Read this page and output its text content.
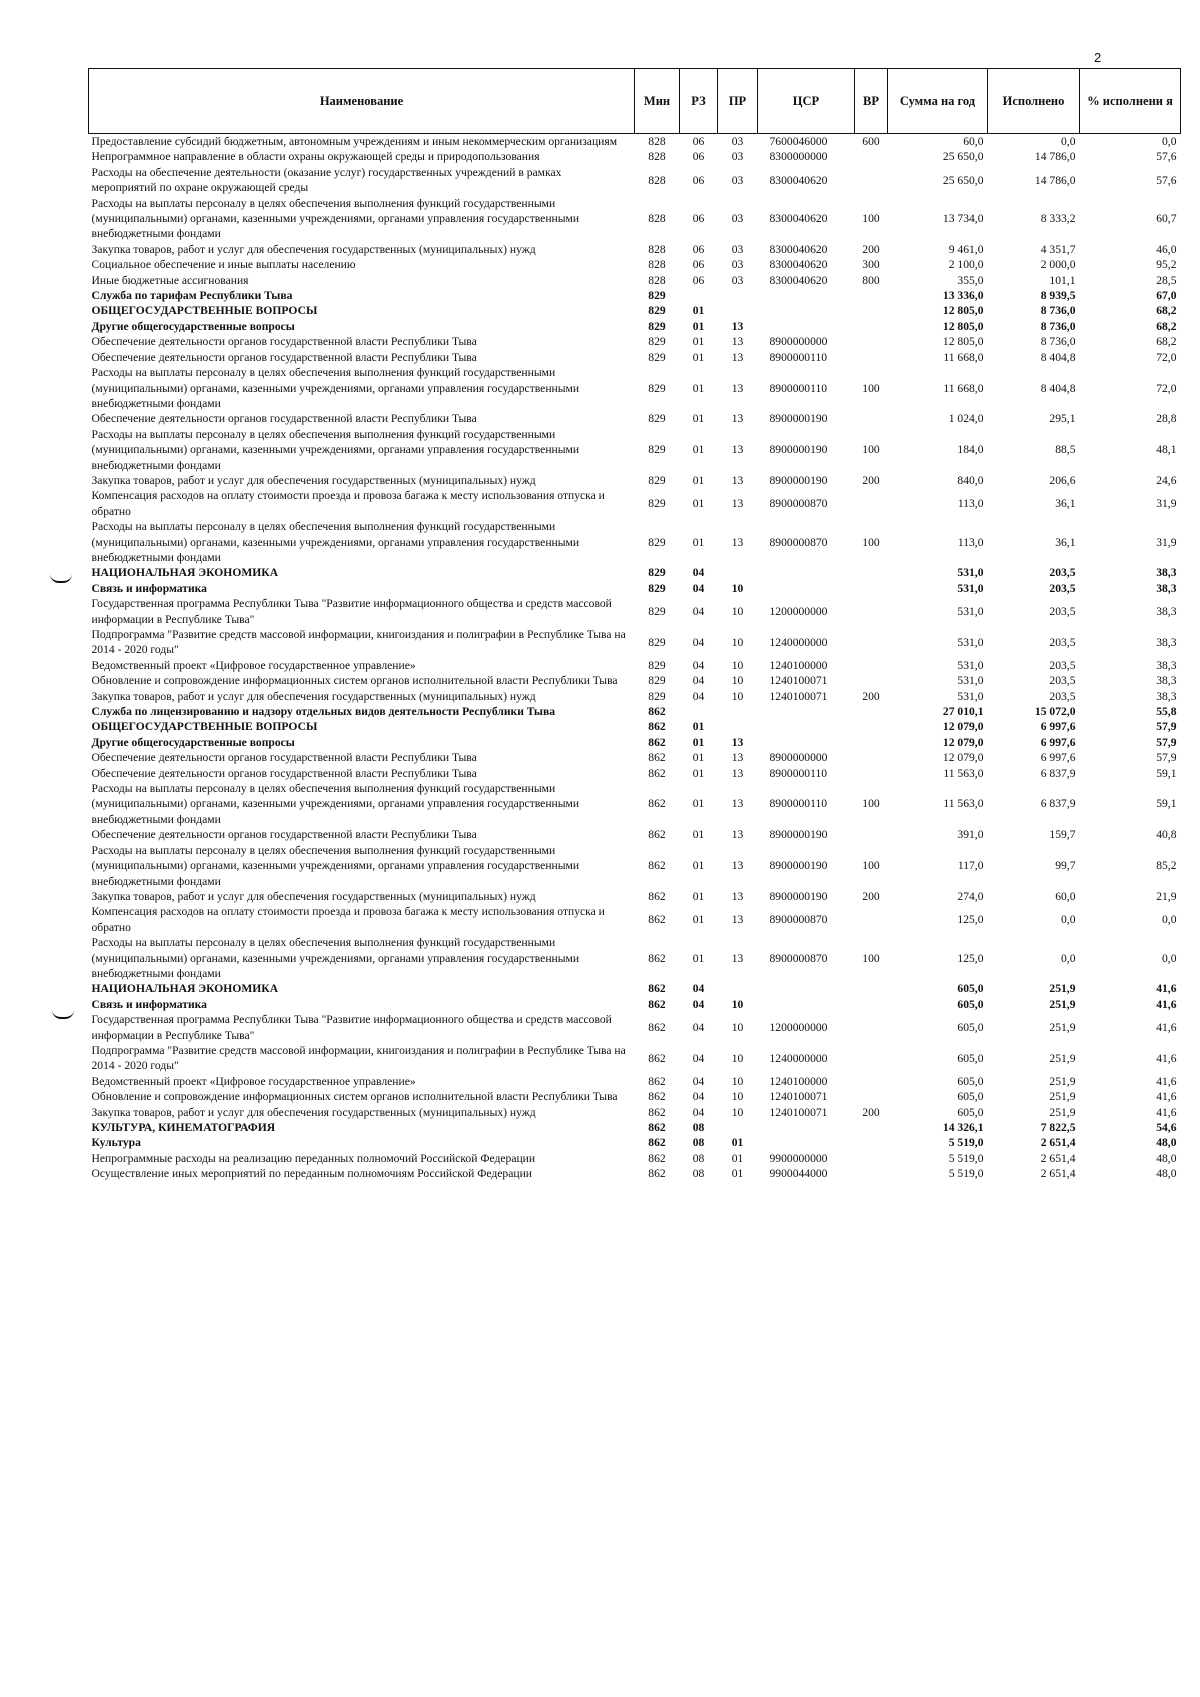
2
Наименование	Мин	РЗ	ПР	ЦСР	ВР	Сумма на год	Исполнено	% исполнени я
Предоставление субсидий бюджетным, автономным учреждениям и иным некоммерческим организациям	828	06	03	7600046000	600	60,0	0,0	0,0
Непрограммное направление в области охраны окружающей среды и природопользования	828	06	03	8300000000		25 650,0	14 786,0	57,6
Расходы на обеспечение деятельности (оказание услуг) государственных учреждений в рамках мероприятий по охране окружающей среды	828	06	03	8300040620		25 650,0	14 786,0	57,6
Расходы на выплаты персоналу в целях обеспечения выполнения функций государственными (муниципальными) органами, казенными учреждениями, органами управления государственными внебюджетными фондами	828	06	03	8300040620	100	13 734,0	8 333,2	60,7
Закупка товаров, работ и услуг для обеспечения государственных (муниципальных) нужд	828	06	03	8300040620	200	9 461,0	4 351,7	46,0
Социальное обеспечение и иные выплаты населению	828	06	03	8300040620	300	2 100,0	2 000,0	95,2
Иные бюджетные ассигнования	828	06	03	8300040620	800	355,0	101,1	28,5
Служба по тарифам Республики Тыва	829					13 336,0	8 939,5	67,0
ОБЩЕГОСУДАРСТВЕННЫЕ ВОПРОСЫ	829	01				12 805,0	8 736,0	68,2
Другие общегосударственные вопросы	829	01	13			12 805,0	8 736,0	68,2
Обеспечение деятельности органов государственной власти Республики Тыва	829	01	13	8900000000		12 805,0	8 736,0	68,2
Обеспечение деятельности органов государственной власти Республики Тыва	829	01	13	8900000110		11 668,0	8 404,8	72,0
Расходы на выплаты персоналу в целях обеспечения выполнения функций государственными (муниципальными) органами, казенными учреждениями, органами управления государственными внебюджетными фондами	829	01	13	8900000110	100	11 668,0	8 404,8	72,0
Обеспечение деятельности органов государственной власти Республики Тыва	829	01	13	8900000190		1 024,0	295,1	28,8
Расходы на выплаты персоналу в целях обеспечения выполнения функций государственными (муниципальными) органами, казенными учреждениями, органами управления государственными внебюджетными фондами	829	01	13	8900000190	100	184,0	88,5	48,1
Закупка товаров, работ и услуг для обеспечения государственных (муниципальных) нужд	829	01	13	8900000190	200	840,0	206,6	24,6
Компенсация расходов на оплату стоимости проезда и провоза багажа к месту использования отпуска и обратно	829	01	13	8900000870		113,0	36,1	31,9
Расходы на выплаты персоналу в целях обеспечения выполнения функций государственными (муниципальными) органами, казенными учреждениями, органами управления государственными внебюджетными фондами	829	01	13	8900000870	100	113,0	36,1	31,9
НАЦИОНАЛЬНАЯ ЭКОНОМИКА	829	04				531,0	203,5	38,3
Связь и информатика	829	04	10			531,0	203,5	38,3
Государственная программа Республики Тыва "Развитие информационного общества и средств массовой информации в Республике Тыва"	829	04	10	1200000000		531,0	203,5	38,3
Подпрограмма "Развитие средств массовой информации, книгоиздания и полиграфии в Республике Тыва на 2014 - 2020 годы"	829	04	10	1240000000		531,0	203,5	38,3
Ведомственный проект «Цифровое государственное управление»	829	04	10	1240100000		531,0	203,5	38,3
Обновление и сопровождение информационных систем органов исполнительной власти Республики Тыва	829	04	10	1240100071		531,0	203,5	38,3
Закупка товаров, работ и услуг для обеспечения государственных (муниципальных) нужд	829	04	10	1240100071	200	531,0	203,5	38,3
Служба по лицензированию и надзору отдельных видов деятельности Республики Тыва	862					27 010,1	15 072,0	55,8
ОБЩЕГОСУДАРСТВЕННЫЕ ВОПРОСЫ	862	01				12 079,0	6 997,6	57,9
Другие общегосударственные вопросы	862	01	13			12 079,0	6 997,6	57,9
Обеспечение деятельности органов государственной власти Республики Тыва	862	01	13	8900000000		12 079,0	6 997,6	57,9
Обеспечение деятельности органов государственной власти Республики Тыва	862	01	13	8900000110		11 563,0	6 837,9	59,1
Расходы на выплаты персоналу в целях обеспечения выполнения функций государственными (муниципальными) органами, казенными учреждениями, органами управления государственными внебюджетными фондами	862	01	13	8900000110	100	11 563,0	6 837,9	59,1
Обеспечение деятельности органов государственной власти Республики Тыва	862	01	13	8900000190		391,0	159,7	40,8
Расходы на выплаты персоналу в целях обеспечения выполнения функций государственными (муниципальными) органами, казенными учреждениями, органами управления государственными внебюджетными фондами	862	01	13	8900000190	100	117,0	99,7	85,2
Закупка товаров, работ и услуг для обеспечения государственных (муниципальных) нужд	862	01	13	8900000190	200	274,0	60,0	21,9
Компенсация расходов на оплату стоимости проезда и провоза багажа к месту использования отпуска и обратно	862	01	13	8900000870		125,0	0,0	0,0
Расходы на выплаты персоналу в целях обеспечения выполнения функций государственными (муниципальными) органами, казенными учреждениями, органами управления государственными внебюджетными фондами	862	01	13	8900000870	100	125,0	0,0	0,0
НАЦИОНАЛЬНАЯ ЭКОНОМИКА	862	04				605,0	251,9	41,6
Связь и информатика	862	04	10			605,0	251,9	41,6
Государственная программа Республики Тыва "Развитие информационного общества и средств массовой информации в Республике Тыва"	862	04	10	1200000000		605,0	251,9	41,6
Подпрограмма "Развитие средств массовой информации, книгоиздания и полиграфии в Республике Тыва на 2014 - 2020 годы"	862	04	10	1240000000		605,0	251,9	41,6
Ведомственный проект «Цифровое государственное управление»	862	04	10	1240100000		605,0	251,9	41,6
Обновление и сопровождение информационных систем органов исполнительной власти Республики Тыва	862	04	10	1240100071		605,0	251,9	41,6
Закупка товаров, работ и услуг для обеспечения государственных (муниципальных) нужд	862	04	10	1240100071	200	605,0	251,9	41,6
КУЛЬТУРА, КИНЕМАТОГРАФИЯ	862	08				14 326,1	7 822,5	54,6
Культура	862	08	01			5 519,0	2 651,4	48,0
Непрограммные расходы на реализацию переданных полномочий Российской Федерации	862	08	01	9900000000		5 519,0	2 651,4	48,0
Осуществление иных мероприятий по переданным полномочиям Российской Федерации	862	08	01	9900044000		5 519,0	2 651,4	48,0
